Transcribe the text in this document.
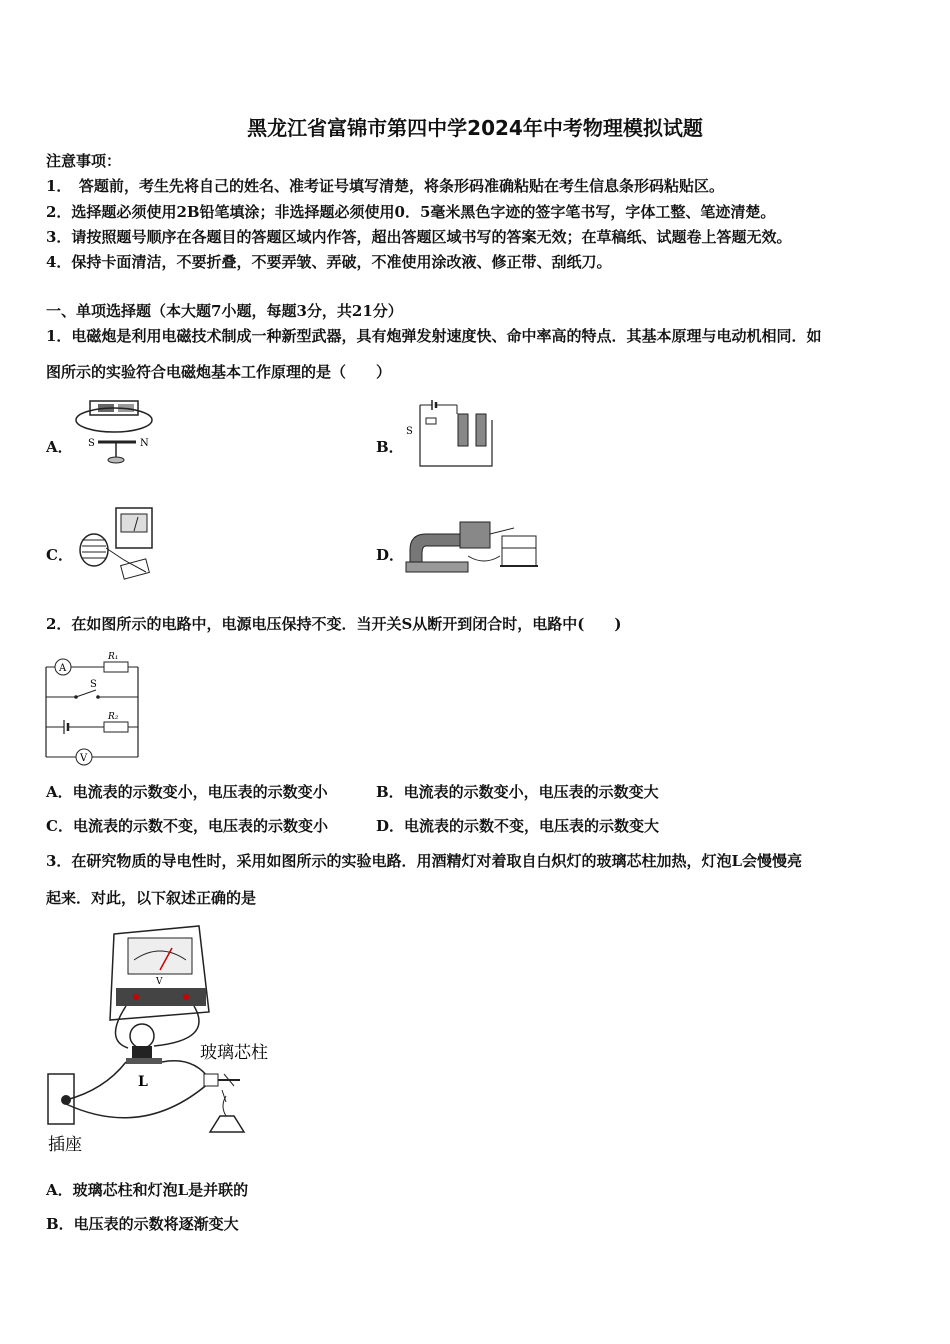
黑龙江省富锦市第四中学2024年中考物理模拟试题
注意事项：
1．　答题前，考生先将自己的姓名、准考证号填写清楚，将条形码准确粘贴在考生信息条形码粘贴区。
2．选择题必须使用2B铅笔填涂；非选择题必须使用0．5毫米黑色字迹的签字笔书写，字体工整、笔迹清楚。
3．请按照题号顺序在各题目的答题区域内作答，超出答题区域书写的答案无效；在草稿纸、试题卷上答题无效。
4．保持卡面清洁，不要折叠，不要弄皱、弄破，不准使用涂改液、修正带、刮纸刀。
一、单项选择题（本大题7小题，每题3分，共21分）
1．电磁炮是利用电磁技术制成一种新型武器，具有炮弹发射速度快、命中率高的特点．其基本原理与电动机相同．如
图所示的实验符合电磁炮基本工作原理的是（　　）
A． S	N	B．
S
C．	D．
2．在如图所示的电路中，电源电压保持不变．当开关S从断开到闭合时，电路中(　　)
A
R₁
S
R₂
V
A．电流表的示数变小，电压表的示数变小	B．电流表的示数变小，电压表的示数变大
C．电流表的示数不变，电压表的示数变小	D．电流表的示数不变，电压表的示数变大
3．在研究物质的导电性时，采用如图所示的实验电路．用酒精灯对着取自白炽灯的玻璃芯柱加热，灯泡L会慢慢亮
起来．对此，以下叙述正确的是
V
L
插座
玻璃芯柱
A．玻璃芯柱和灯泡L是并联的
B．电压表的示数将逐渐变大
